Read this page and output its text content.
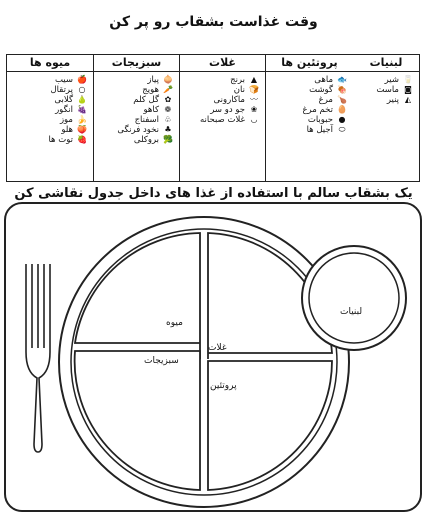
وقت غذاست بشقاب رو پر کن
لبنیات
🥛
شیر
◙
ماست
◭
پنیر
پروتئین ها
🐟
ماهی
🍖
گوشت
🍗
مرغ
🥚
تخم مرغ
●
حبوبات
⬭
آجیل ها
غلات
▲
برنج
🍞
نان
〰
ماکارونی
❀
جو دو سر
◡
غلات صبحانه
سبزیجات
🧅
پیاز
🥕
هویج
✿
گل کلم
❁
کاهو
♧
اسفناج
♣
نخود فرنگی
🥦
بروکلی
میوه ها
🍎
سیب
○
پرتقال
🍐
گلابی
🍇
انگور
🍌
موز
🍑
هلو
🍓
توت ها
یک بشقاب سالم با استفاده از غذا های داخل جدول نقاشی کن
میوه
غلات
سبزیجات
پروتئین
لبنیات
